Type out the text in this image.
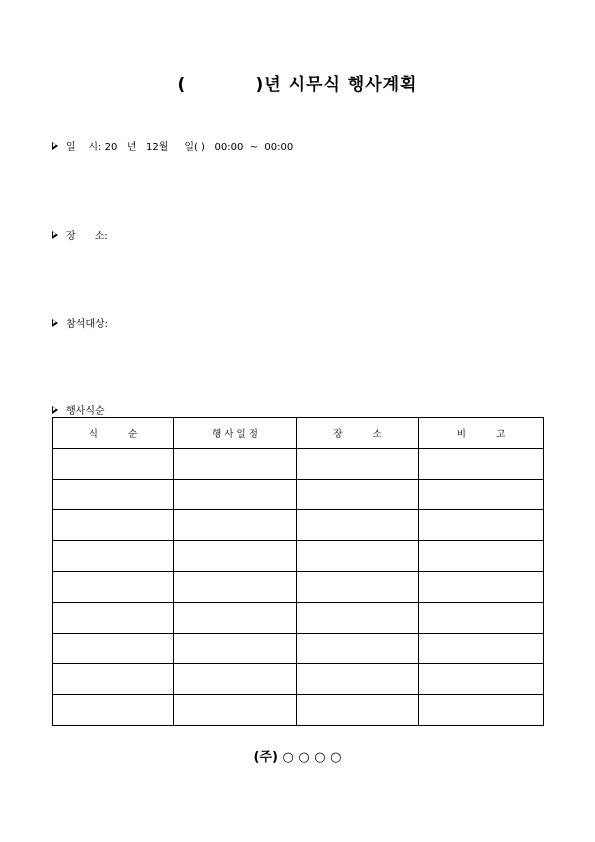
(          )년 시무식 행사계획
일    시: 20   년   12월     일( )   00:00  ~  00:00
장      소:
참석대상:
행사식순
식          순	행 사 일 정	장          소	비          고

(주) ○ ○ ○ ○
